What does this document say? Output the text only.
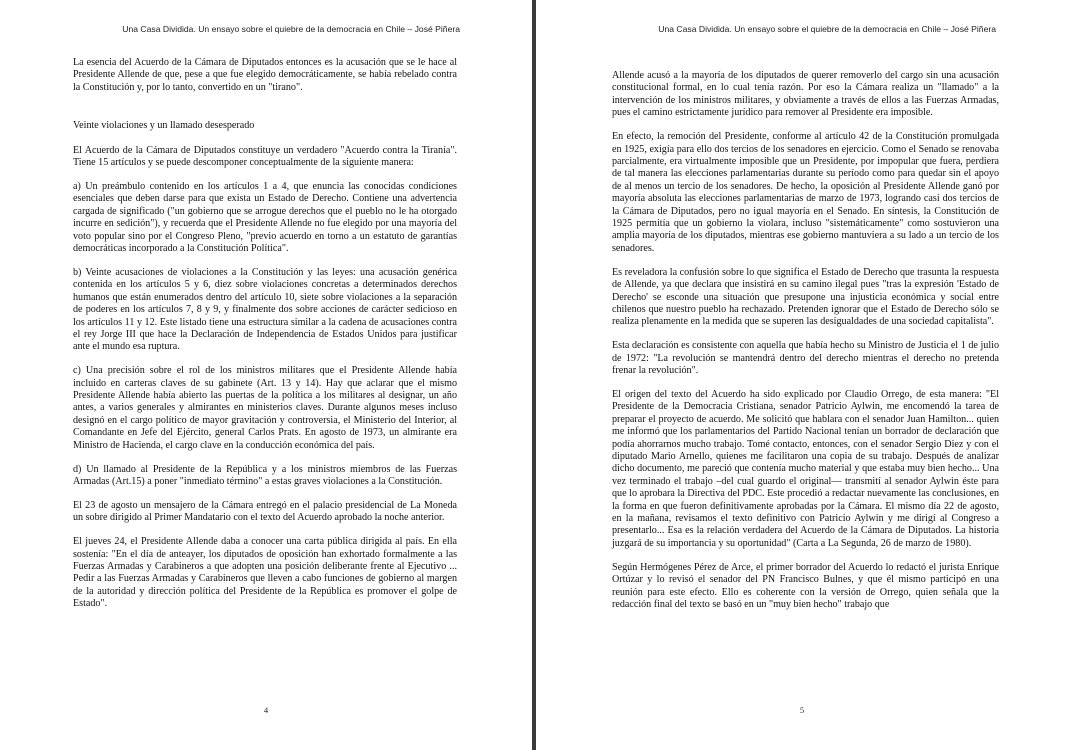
Una Casa Dividida. Un ensayo sobre el quiebre de la democracia en Chile – José Piñera

La esencia del Acuerdo de la Cámara de Diputados entonces es la acusación que se le hace al Presidente Allende de que, pese a que fue elegido democráticamente, se había rebelado contra la Constitución y, por lo tanto, convertido en un "tirano".

Veinte violaciones y un llamado desesperado

El Acuerdo de la Cámara de Diputados constituye un verdadero "Acuerdo contra la Tiranía". Tiene 15 artículos y se puede descomponer conceptualmente de la siguiente manera:

a) Un preámbulo contenido en los artículos 1 a 4, que enuncia las conocidas condiciones esenciales que deben darse para que exista un Estado de Derecho. Contiene una advertencia cargada de significado ("un gobierno que se arrogue derechos que el pueblo no le ha otorgado incurre en sedición"), y recuerda que el Presidente Allende no fue elegido por una mayoría del voto popular sino por el Congreso Pleno, "previo acuerdo en torno a un estatuto de garantías democráticas incorporado a la Constitución Política".

b) Veinte acusaciones de violaciones a la Constitución y las leyes: una acusación genérica contenida en los artículos 5 y 6, diez sobre violaciones concretas a determinados derechos humanos que están enumerados dentro del artículo 10, siete sobre violaciones a la separación de poderes en los artículos 7, 8 y 9, y finalmente dos sobre acciones de carácter sedicioso en los artículos 11 y 12. Este listado tiene una estructura similar a la cadena de acusaciones contra el rey Jorge III que hace la Declaración de Independencia de Estados Unidos para justificar ante el mundo esa ruptura.

c) Una precisión sobre el rol de los ministros militares que el Presidente Allende había incluido en carteras claves de su gabinete (Art. 13 y 14). Hay que aclarar que el mismo Presidente Allende había abierto las puertas de la política a los militares al designar, un año antes, a varios generales y almirantes en ministerios claves. Durante algunos meses incluso designó en el cargo político de mayor gravitación y controversia, el Ministerio del Interior, al Comandante en Jefe del Ejército, general Carlos Prats. En agosto de 1973, un almirante era Ministro de Hacienda, el cargo clave en la conducción económica del país.

d) Un llamado al Presidente de la República y a los ministros miembros de las Fuerzas Armadas (Art.15) a poner "inmediato término" a estas graves violaciones a la Constitución.

El 23 de agosto un mensajero de la Cámara entregó en el palacio presidencial de La Moneda un sobre dirigido al Primer Mandatario con el texto del Acuerdo aprobado la noche anterior.

El jueves 24, el Presidente Allende daba a conocer una carta pública dirigida al país. En ella sostenía: "En el día de anteayer, los diputados de oposición han exhortado formalmente a las Fuerzas Armadas y Carabineros a que adopten una posición deliberante frente al Ejecutivo ... Pedir a las Fuerzas Armadas y Carabineros que lleven a cabo funciones de gobierno al margen de la autoridad y dirección política del Presidente de la República es promover el golpe de Estado".

4
Una Casa Dividida. Un ensayo sobre el quiebre de la democracia en Chile – José Piñera

Allende acusó a la mayoría de los diputados de querer removerlo del cargo sin una acusación constitucional formal, en lo cual tenía razón. Por eso la Cámara realiza un "llamado" a la intervención de los ministros militares, y obviamente a través de ellos a las Fuerzas Armadas, pues el camino estrictamente jurídico para remover al Presidente era imposible.

En efecto, la remoción del Presidente, conforme al artículo 42 de la Constitución promulgada en 1925, exigía para ello dos tercios de los senadores en ejercicio. Como el Senado se renovaba parcialmente, era virtualmente imposible que un Presidente, por impopular que fuera, perdiera de tal manera las elecciones parlamentarias durante su período como para quedar sin el apoyo de al menos un tercio de los senadores. De hecho, la oposición al Presidente Allende ganó por mayoría absoluta las elecciones parlamentarias de marzo de 1973, logrando casi dos tercios de la Cámara de Diputados, pero no igual mayoría en el Senado. En síntesis, la Constitución de 1925 permitía que un gobierno la violara, incluso "sistemáticamente" como sostuvieron una amplia mayoría de los diputados, mientras ese gobierno mantuviera a su lado a un tercio de los senadores.

Es reveladora la confusión sobre lo que significa el Estado de Derecho que trasunta la respuesta de Allende, ya que declara que insistirá en su camino ilegal pues "tras la expresión 'Estado de Derecho' se esconde una situación que presupone una injusticia económica y social entre chilenos que nuestro pueblo ha rechazado. Pretenden ignorar que el Estado de Derecho sólo se realiza plenamente en la medida que se superen las desigualdades de una sociedad capitalista".

Esta declaración es consistente con aquella que había hecho su Ministro de Justicia el 1 de julio de 1972: "La revolución se mantendrá dentro del derecho mientras el derecho no pretenda frenar la revolución".

El origen del texto del Acuerdo ha sido explicado por Claudio Orrego, de esta manera: "El Presidente de la Democracia Cristiana, senador Patricio Aylwin, me encomendó la tarea de preparar el proyecto de acuerdo. Me solicitó que hablara con el senador Juan Hamilton... quien me informó que los parlamentarios del Partido Nacional tenían un borrador de declaración que podía ahorrarnos mucho trabajo. Tomé contacto, entonces, con el senador Sergio Diez y con el diputado Mario Arnello, quienes me facilitaron una copia de su trabajo. Después de analizar dicho documento, me pareció que contenía mucho material y que estaba muy bien hecho... Una vez terminado el trabajo –del cual guardo el original— transmití al senador Aylwin éste para que lo aprobara la Directiva del PDC. Este procedió a redactar nuevamente las conclusiones, en la forma en que fueron definitivamente aprobadas por la Cámara. El mismo día 22 de agosto, en la mañana, revisamos el texto definitivo con Patricio Aylwin y me dirigí al Congreso a presentarlo... Esa es la relación verdadera del Acuerdo de la Cámara de Diputados. La historia juzgará de su importancia y su oportunidad" (Carta a La Segunda, 26 de marzo de 1980).

Según Hermógenes Pérez de Arce, el primer borrador del Acuerdo lo redactó el jurista Enrique Ortúzar y lo revisó el senador del PN Francisco Bulnes, y que él mismo participó en una reunión para este efecto. Ello es coherente con la versión de Orrego, quien señala que la redacción final del texto se basó en un "muy bien hecho" trabajo que

5
